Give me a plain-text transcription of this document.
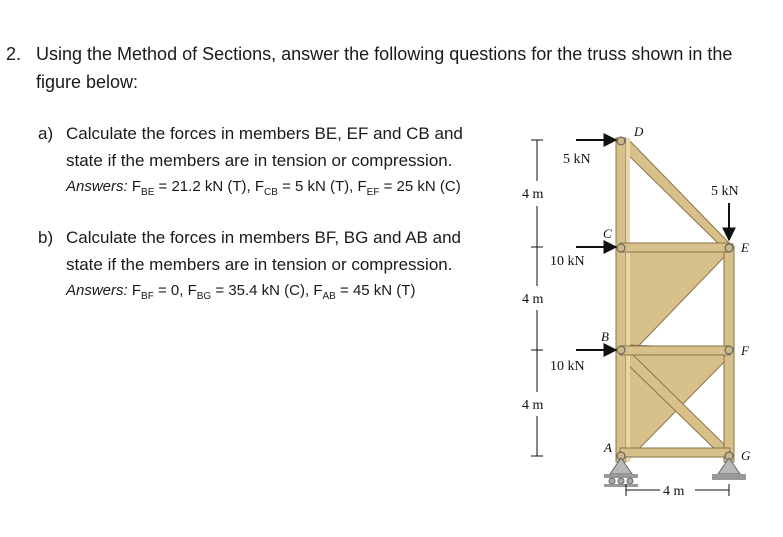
2. Using the Method of Sections, answer the following questions for the truss shown in the
figure below:
a) Calculate the forces in members BE, EF and CB and
state if the members are in tension or compression.
Answers: $F_{BE} = 21.2$ kN (T), $F_{CB} = 5$ kN (T), $F_{EF} = 25$ kN (C)
b) Calculate the forces in members BF, BG and AB and
state if the members are in tension or compression.
Answers: $F_{BF} = 0$, $F_{BG} = 35.4$ kN (C), $F_{AB} = 45$ kN (T)
D
C
B
A
E
F
G
5 kN
5 kN
10 kN
10 kN
4 m
4 m
4 m
4 m
